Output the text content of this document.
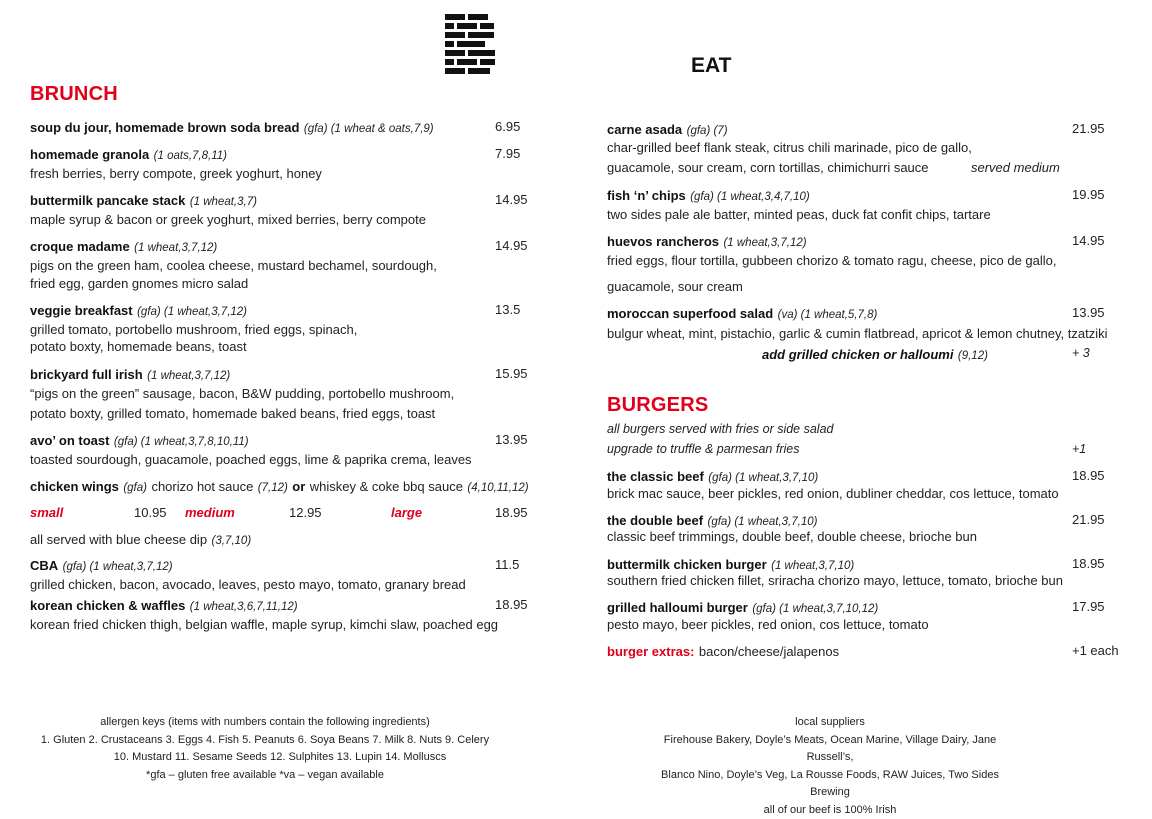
BRUNCH
soup du jour, homemade brown soda bread (gfa) (1 wheat & oats,7,9)	6.95
homemade granola (1 oats,7,8,11)	7.95
fresh berries, berry compote, greek yoghurt, honey
buttermilk pancake stack (1 wheat,3,7)	14.95
maple syrup & bacon or greek yoghurt, mixed berries, berry compote
croque madame (1 wheat,3,7,12)	14.95
pigs on the green ham, coolea cheese, mustard bechamel, sourdough,
fried egg, garden gnomes micro salad
veggie breakfast (gfa) (1 wheat,3,7,12)	13.5
grilled tomato, portobello mushroom, fried eggs, spinach,
potato boxty, homemade beans, toast
brickyard full irish (1 wheat,3,7,12)	15.95
“pigs on the green” sausage, bacon, B&W pudding, portobello mushroom,
potato boxty, grilled tomato, homemade baked beans, fried eggs, toast
avo’ on toast (gfa) (1 wheat,3,7,8,10,11)	13.95
toasted sourdough, guacamole, poached eggs, lime & paprika crema, leaves
chicken wings (gfa) chorizo hot sauce (7,12) or whiskey & coke bbq sauce (4,10,11,12)
small	10.95 medium	12.95	large	18.95
all served with blue cheese dip (3,7,10)
CBA (gfa) (1 wheat,3,7,12)	11.5
grilled chicken, bacon, avocado, leaves, pesto mayo, tomato, granary bread
korean chicken & waffles (1 wheat,3,6,7,11,12)	18.95
korean fried chicken thigh, belgian waffle, maple syrup, kimchi slaw, poached egg
EAT
carne asada (gfa) (7)	21.95
char-grilled beef flank steak, citrus chili marinade, pico de gallo,
guacamole, sour cream, corn tortillas, chimichurri sauce	served medium
fish ‘n’ chips (gfa) (1 wheat,3,4,7,10)	19.95
two sides pale ale batter, minted peas, duck fat confit chips, tartare
huevos rancheros (1 wheat,3,7,12)	14.95
fried eggs, flour tortilla, gubbeen chorizo & tomato ragu, cheese, pico de gallo,
guacamole, sour cream
moroccan superfood salad (va) (1 wheat,5,7,8)	13.95
bulgur wheat, mint, pistachio, garlic & cumin flatbread, apricot & lemon chutney, tzatziki
add grilled chicken or halloumi (9,12)	+ 3
BURGERS
all burgers served with fries or side salad
upgrade to truffle & parmesan fries	+1
the classic beef (gfa) (1 wheat,3,7,10)	18.95
brick mac sauce, beer pickles, red onion, dubliner cheddar, cos lettuce, tomato
the double beef (gfa) (1 wheat,3,7,10)	21.95
classic beef trimmings, double beef, double cheese, brioche bun
buttermilk chicken burger (1 wheat,3,7,10)	18.95
southern fried chicken fillet, sriracha chorizo mayo, lettuce, tomato, brioche bun
grilled halloumi burger (gfa) (1 wheat,3,7,10,12)	17.95
pesto mayo, beer pickles, red onion, cos lettuce, tomato
burger extras: bacon/cheese/jalapenos	+1 each
allergen keys (items with numbers contain the following ingredients)
1. Gluten 2. Crustaceans 3. Eggs 4. Fish 5. Peanuts 6. Soya Beans 7. Milk 8. Nuts 9. Celery
10. Mustard 11. Sesame Seeds 12. Sulphites 13. Lupin 14. Molluscs
*gfa – gluten free available *va – vegan available
local suppliers
Firehouse Bakery, Doyle’s Meats, Ocean Marine, Village Dairy, Jane Russell’s,
Blanco Nino, Doyle’s Veg, La Rousse Foods, RAW Juices, Two Sides Brewing
all of our beef is 100% Irish
